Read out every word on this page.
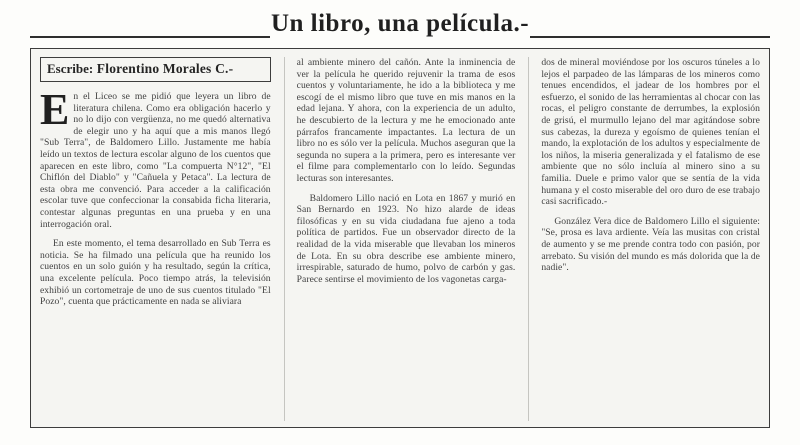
Un libro, una película.-
Escribe: Florentino Morales C.-

En el Liceo se me pidió que leyera un libro de literatura chilena. Como era obligación hacerlo y no lo dijo con vergüenza, no me quedó alternativa de elegir uno y ha aquí que a mis manos llegó "Sub Terra", de Baldomero Lillo. Justamente me había leído un textos de lectura escolar alguno de los cuentos que aparecen en este libro, como "La compuerta N°12", "El Chiflón del Diablo" y "Cañuela y Petaca". La lectura de esta obra me convenció. Para acceder a la calificación escolar tuve que confeccionar la consabida ficha literaria, contestar algunas preguntas en una prueba y en una interrogación oral.

En este momento, el tema desarrollado en Sub Terra es noticia. Se ha filmado una película que ha reunido los cuentos en un solo guión y ha resultado, según la crítica, una excelente película. Poco tiempo atrás, la televisión exhibió un cortometraje de uno de sus cuentos titulado "El Pozo", cuenta que prácticamente en nada se aliviara

al ambiente minero del cañón. Ante la inminencia de ver la película he querido rejuvenir la trama de esos cuentos y voluntariamente, he ido a la biblioteca y me escogí de el mismo libro que tuve en mis manos en la edad lejana. Y ahora, con la experiencia de un adulto, he descubierto de la lectura y me he emocionado ante párrafos francamente impactantes. La lectura de un libro no es sólo ver la película. Muchos aseguran que la segunda no supera a la primera, pero es interesante ver el filme para complementarlo con lo leído. Segundas lecturas son interesantes.

Baldomero Lillo nació en Lota en 1867 y murió en San Bernardo en 1923. No hizo alarde de ideas filosóficas y en su vida ciudadana fue ajeno a toda política de partidos. Fue un observador directo de la realidad de la vida miserable que llevaban los mineros de Lota. En su obra describe ese ambiente minero, irrespirable, saturado de humo, polvo de carbón y gas. Parece sentirse el movimiento de los vagonetas carga-

dos de mineral moviéndose por los oscuros túneles a lo lejos el parpadeo de las lámparas de los mineros como tenues encendidos, el jadear de los hombres por el esfuerzo, el sonido de las herramientas al chocar con las rocas, el peligro constante de derrumbes, la explosión de grisú, el murmullo lejano del mar agitándose sobre sus cabezas, la dureza y egoísmo de quienes tenían el mando, la explotación de los adultos y especialmente de los niños, la miseria generalizada y el fatalismo de ese ambiente que no sólo incluía al minero sino a su familia. Duele e primo valor que se sentía de la vida humana y el costo miserable del oro duro de ese trabajo casi sacrificado.-

González Vera dice de Baldomero Lillo el siguiente: "Se, prosa es lava ardiente. Veía las musitas con cristal de aumento y se me prende contra todo con pasión, por arrebato. Su visión del mundo es más dolorida que la de nadie".
